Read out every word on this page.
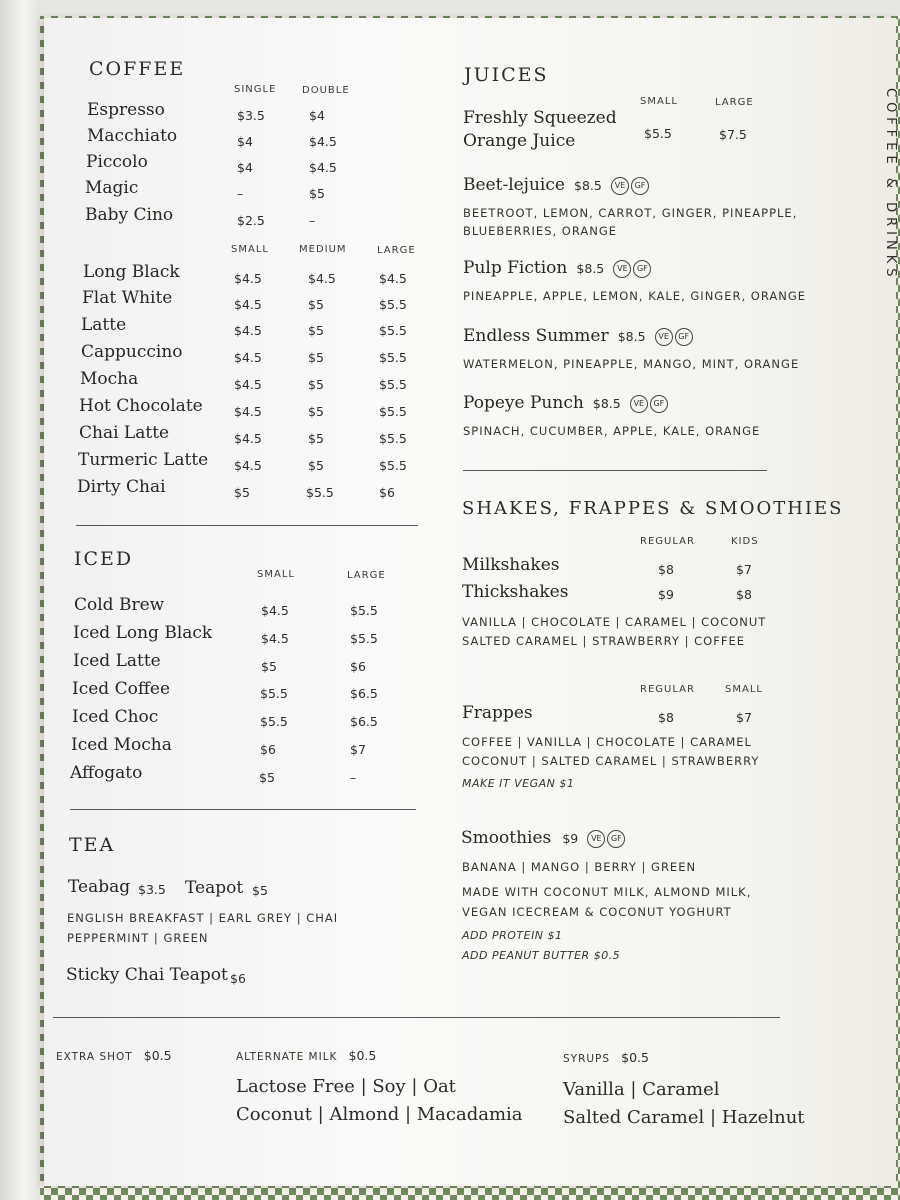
COFFEE & DRINKS
COFFEE
SINGLE	DOUBLE
Espresso	$3.5	$4
Macchiato	$4	$4.5
Piccolo	$4	$4.5
Magic	–	$5
Baby Cino	$2.5	–
SMALL	MEDIUM	LARGE
Long Black	$4.5	$4.5	$4.5
Flat White	$4.5	$5	$5.5
Latte	$4.5	$5	$5.5
Cappuccino	$4.5	$5	$5.5
Mocha	$4.5	$5	$5.5
Hot Chocolate	$4.5	$5	$5.5
Chai Latte	$4.5	$5	$5.5
Turmeric Latte $4.5	$5	$5.5
Dirty Chai	$5	$5.5	$6
ICED
SMALL	LARGE
Cold Brew	$4.5	$5.5
Iced Long Black	$4.5	$5.5
Iced Latte	$5	$6
Iced Coffee	$5.5	$6.5
Iced Choc	$5.5	$6.5
Iced Mocha	$6	$7
Affogato	$5	–
TEA
Teabag $3.5 Teapot $5
ENGLISH BREAKFAST | EARL GREY | CHAI
PEPPERMINT | GREEN
Sticky Chai Teapot $6
JUICES
SMALL	LARGE
Freshly Squeezed
Orange Juice	$5.5	$7.5
Beet-lejuice $8.5 VE GF
BEETROOT, LEMON, CARROT, GINGER, PINEAPPLE,
BLUEBERRIES, ORANGE
Pulp Fiction $8.5 VE GF
PINEAPPLE, APPLE, LEMON, KALE, GINGER, ORANGE
Endless Summer $8.5 VE GF
WATERMELON, PINEAPPLE, MANGO, MINT, ORANGE
Popeye Punch $8.5 VE GF
SPINACH, CUCUMBER, APPLE, KALE, ORANGE
SHAKES, FRAPPES & SMOOTHIES
REGULAR	KIDS
Milkshakes	$8	$7
Thickshakes	$9	$8
VANILLA | CHOCOLATE | CARAMEL | COCONUT
SALTED CARAMEL | STRAWBERRY | COFFEE
REGULAR	SMALL
Frappes	$8	$7
COFFEE | VANILLA | CHOCOLATE | CARAMEL
COCONUT | SALTED CARAMEL | STRAWBERRY
MAKE IT VEGAN $1
Smoothies $9 VE GF
BANANA | MANGO | BERRY | GREEN
MADE WITH COCONUT MILK, ALMOND MILK,
VEGAN ICECREAM & COCONUT YOGHURT
ADD PROTEIN $1
ADD PEANUT BUTTER $0.5
EXTRA SHOT $0.5	ALTERNATE MILK $0.5
Lactose Free | Soy | Oat
Coconut | Almond | Macadamia
SYRUPS $0.5
Vanilla | Caramel
Salted Caramel | Hazelnut
